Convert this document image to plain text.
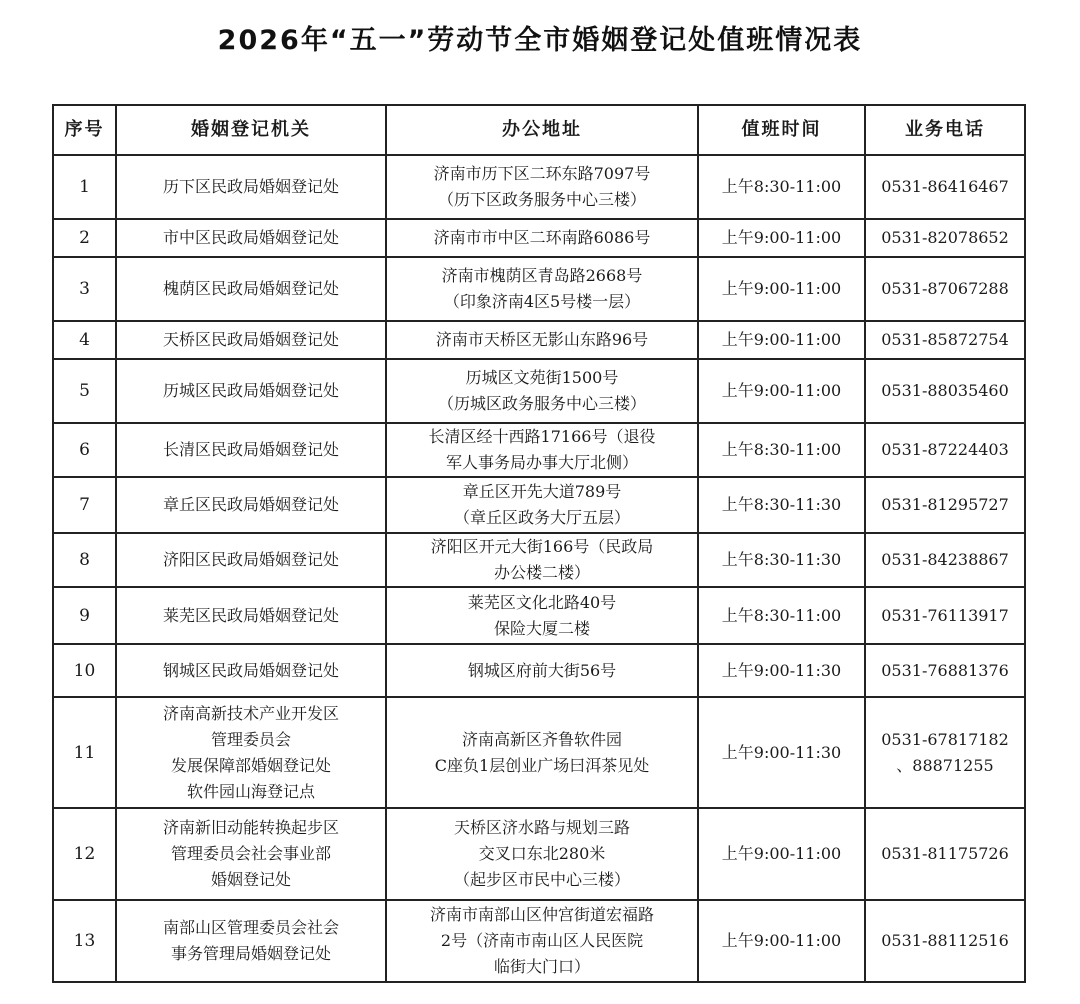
2026年“五一”劳动节全市婚姻登记处值班情况表
序号	婚姻登记机关	办公地址	值班时间	业务电话
1	历下区民政局婚姻登记处	济南市历下区二环东路7097号
（历下区政务服务中心三楼）	上午8:30-11:00	0531-86416467

2	市中区民政局婚姻登记处	济南市市中区二环南路6086号	上午9:00-11:00	0531-82078652

3	槐荫区民政局婚姻登记处	济南市槐荫区青岛路2668号
（印象济南4区5号楼一层）	上午9:00-11:00	0531-87067288

4	天桥区民政局婚姻登记处	济南市天桥区无影山东路96号	上午9:00-11:00	0531-85872754

5	历城区民政局婚姻登记处	历城区文苑街1500号
（历城区政务服务中心三楼）	上午9:00-11:00	0531-88035460

6	长清区民政局婚姻登记处	长清区经十西路17166号（退役
军人事务局办事大厅北侧）	上午8:30-11:00	0531-87224403

7	章丘区民政局婚姻登记处	章丘区开先大道789号
（章丘区政务大厅五层）	上午8:30-11:30	0531-81295727

8	济阳区民政局婚姻登记处	济阳区开元大街166号（民政局
办公楼二楼）	上午8:30-11:30	0531-84238867

9	莱芜区民政局婚姻登记处	莱芜区文化北路40号
保险大厦二楼	上午8:30-11:00	0531-76113917

10	钢城区民政局婚姻登记处	钢城区府前大街56号	上午9:00-11:30	0531-76881376

11	济南高新技术产业开发区
管理委员会
发展保障部婚姻登记处
软件园山海登记点	济南高新区齐鲁软件园
C座负1层创业广场曰洱茶见处	上午9:00-11:30	0531-67817182
、88871255

12	济南新旧动能转换起步区
管理委员会社会事业部
婚姻登记处	天桥区济水路与规划三路
交叉口东北280米
（起步区市民中心三楼）	上午9:00-11:00	0531-81175726

13	南部山区管理委员会社会
事务管理局婚姻登记处	济南市南部山区仲宫街道宏福路
2号（济南市南山区人民医院
临街大门口）	上午9:00-11:00	0531-88112516
